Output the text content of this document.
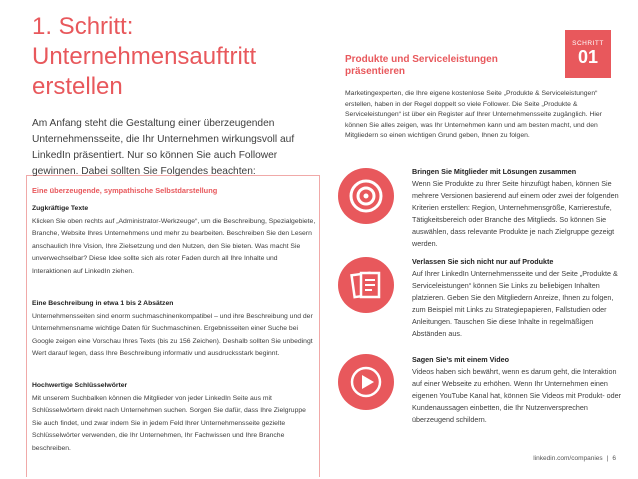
1. Schritt: Unternehmensauftritt erstellen

Am Anfang steht die Gestaltung einer überzeugenden Unternehmensseite, die Ihr Unternehmen wirkungsvoll auf LinkedIn präsentiert. Nur so können Sie auch Follower gewinnen. Dabei sollten Sie Folgendes beachten:

Eine überzeugende, sympathische Selbstdarstellung
Zugkräftige Texte
Klicken Sie oben rechts auf „Administrator-Werkzeuge“, um die Beschreibung, Spezialgebiete, Branche, Website Ihres Unternehmens und mehr zu bearbeiten. Beschreiben Sie den Lesern anschaulich Ihre Vision, Ihre Zielsetzung und den Nutzen, den Sie bieten. Was macht Sie unverwechselbar? Diese Idee sollte sich als roter Faden durch all Ihre Inhalte und Interaktionen auf LinkedIn ziehen.
Eine Beschreibung in etwa 1 bis 2 Absätzen
Unternehmensseiten sind enorm suchmaschinenkompatibel – und ihre Beschreibung und der Unternehmensname wichtige Daten für Suchmaschinen. Ergebnisseiten einer Suche bei Google zeigen eine Vorschau Ihres Texts (bis zu 156 Zeichen). Deshalb sollten Sie unbedingt Wert darauf legen, dass Ihre Beschreibung informativ und ausdrucksstark beginnt.
Hochwertige Schlüsselwörter
Mit unserem Suchbalken können die Mitglieder von jeder LinkedIn Seite aus mit Schlüsselwörtern direkt nach Unternehmen suchen. Sorgen Sie dafür, dass Ihre Zielgruppe Sie auch findet, und zwar indem Sie in jedem Feld Ihrer Unternehmensseite gezielte Schlüsselwörter verwenden, die Ihr Unternehmen, Ihr Fachwissen und Ihre Branche beschreiben.
Produkte und Serviceleistungen präsentieren
SCHRITT
01

Marketingexperten, die Ihre eigene kostenlose Seite „Produkte & Serviceleistungen“ erstellen, haben in der Regel doppelt so viele Follower. Die Seite „Produkte & Serviceleistungen“ ist über ein Register auf Ihrer Unternehmensseite zugänglich. Hier können Sie alles zeigen, was Ihr Unternehmen kann und am besten macht, und den Mitgliedern so einen wichtigen Grund geben, Ihnen zu folgen.

Bringen Sie Mitglieder mit Lösungen zusammen
Wenn Sie Produkte zu Ihrer Seite hinzufügt haben, können Sie mehrere Versionen basierend auf einem oder zwei der folgenden Kriterien erstellen: Region, Unternehmensgröße, Karrierestufe, Tätigkeitsbereich oder Branche des Mitglieds. So können Sie auswählen, dass relevante Produkte je nach Zielgruppe gezeigt werden.
Verlassen Sie sich nicht nur auf Produkte
Auf Ihrer LinkedIn Unternehmensseite und der Seite „Produkte & Serviceleistungen“ können Sie Links zu beliebigen Inhalten platzieren. Geben Sie den Mitgliedern Anreize, Ihnen zu folgen, zum Beispiel mit Links zu Strategiepapieren, Fallstudien oder Anleitungen. Tauschen Sie diese Inhalte in regelmäßigen Abständen aus.
Sagen Sie’s mit einem Video
Videos haben sich bewährt, wenn es darum geht, die Interaktion auf einer Webseite zu erhöhen. Wenn Ihr Unternehmen einen eigenen YouTube Kanal hat, können Sie Videos mit Produkt- oder Kundenaussagen einbetten, die Ihr Nutzenversprechen überzeugend schildern.
linkedin.com/companies | 6
